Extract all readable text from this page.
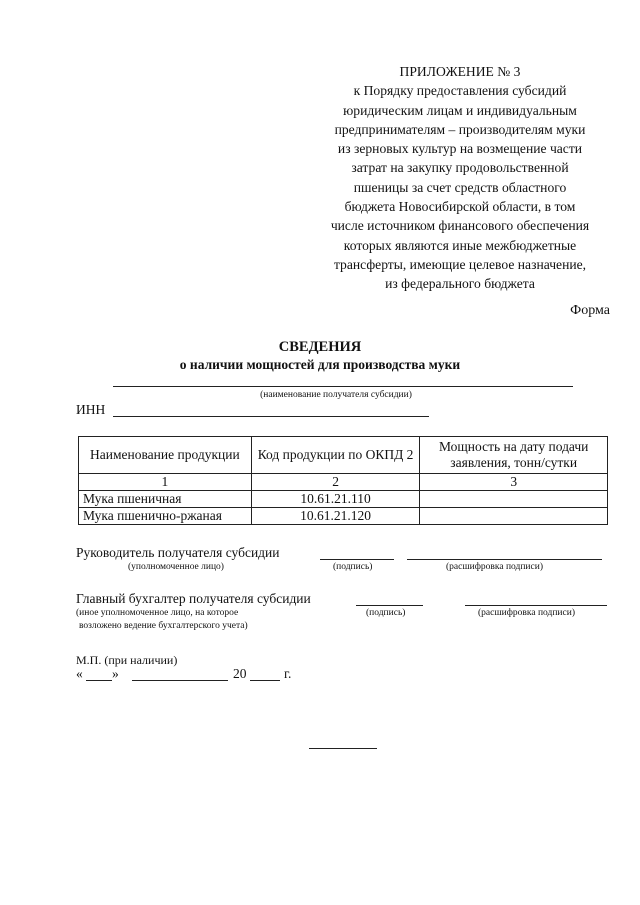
ПРИЛОЖЕНИЕ № 3
к Порядку предоставления субсидий
юридическим лицам и индивидуальным
предпринимателям – производителям муки
из зерновых культур на возмещение части
затрат на закупку продовольственной
пшеницы за счет средств областного
бюджета Новосибирской области, в том
числе источником финансового обеспечения
которых являются иные межбюджетные
трансферты, имеющие целевое назначение,
из федерального бюджета
Форма
СВЕДЕНИЯ
о наличии мощностей для производства муки
(наименование получателя субсидии)
ИНН
Наименование продукции	Код продукции по ОКПД 2	Мощность на дату подачи заявления, тонн/сутки
1	2	3
Мука пшеничная	10.61.21.110	
Мука пшенично-ржаная	10.61.21.120	
Руководитель получателя субсидии
(уполномоченное лицо)	(подпись)	(расшифровка подписи)
Главный бухгалтер получателя субсидии
(иное уполномоченное лицо, на которое
возложено ведение бухгалтерского учета)
(подпись)	(расшифровка подписи)
М.П. (при наличии)
« »	20	г.
